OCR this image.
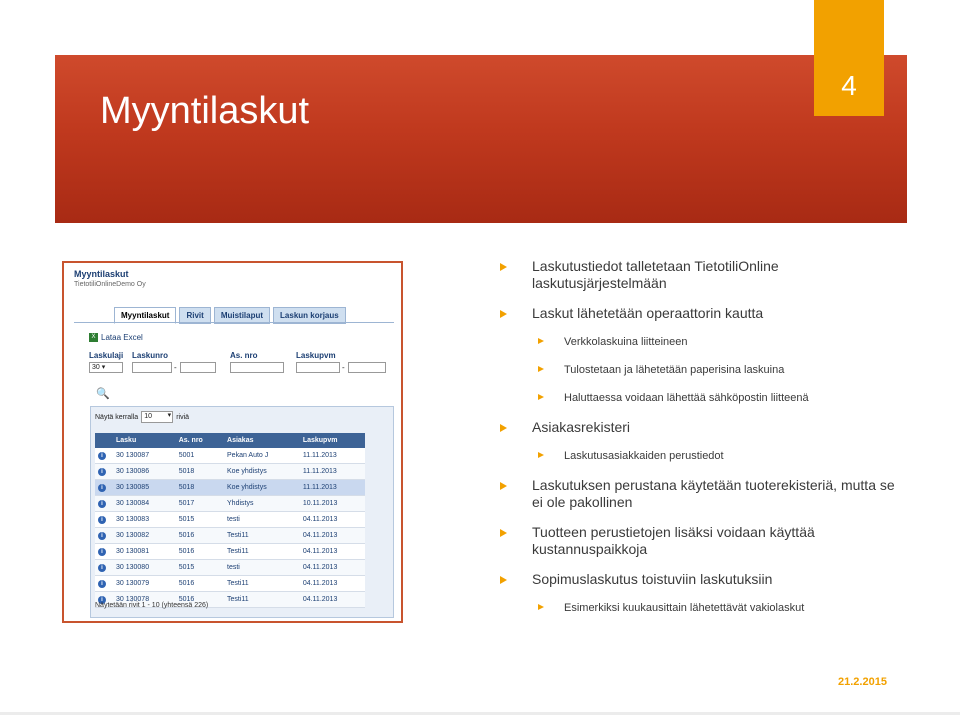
Myyntilaskut
4
Myyntilaskut
TietotiliOnlineDemo Oy
Myyntilaskut	Rivit	Muistilaput	Laskun korjaus
X Lataa Excel
Laskulaji
30 ▾
Laskunro
-
As. nro	Laskupvm
-
🔍
Näytä kerralla 10 ▾	riviä
	Lasku	As. nro	Asiakas	Laskupvm
i	30 130087	5001	Pekan Auto J	11.11.2013
i	30 130086	5018	Koe yhdistys	11.11.2013
i	30 130085	5018	Koe yhdistys	11.11.2013
i	30 130084	5017	Yhdistys	10.11.2013
i	30 130083	5015	testi	04.11.2013
i	30 130082	5016	Testi11	04.11.2013
i	30 130081	5016	Testi11	04.11.2013
i	30 130080	5015	testi	04.11.2013
i	30 130079	5016	Testi11	04.11.2013
i	30 130078	5016	Testi11	04.11.2013
Näytetään rivit 1 - 10 (yhteensä 226)
Laskutustiedot talletetaan TietotiliOnline laskutusjärjestelmään
Laskut lähetetään operaattorin kautta
Verkkolaskuina liitteineen
Tulostetaan ja lähetetään paperisina laskuina
Haluttaessa voidaan lähettää sähköpostin liitteenä
Asiakasrekisteri
Laskutusasiakkaiden perustiedot
Laskutuksen perustana käytetään tuoterekisteriä, mutta se ei ole pakollinen
Tuotteen perustietojen lisäksi voidaan käyttää kustannuspaikkoja
Sopimuslaskutus toistuviin laskutuksiin
Esimerkiksi kuukausittain lähetettävät vakiolaskut
21.2.2015
